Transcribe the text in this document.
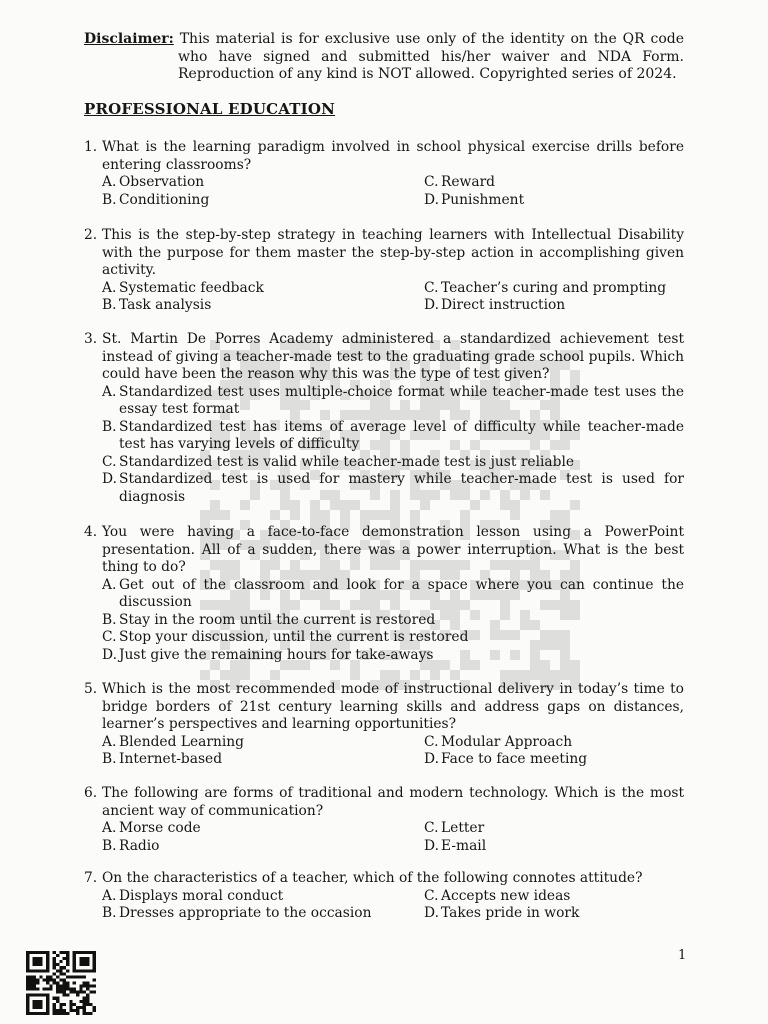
Disclaimer: This material is for exclusive use only of the identity on the QR code who have signed and submitted his/her waiver and NDA Form. Reproduction of any kind is NOT allowed. Copyrighted series of 2024.
PROFESSIONAL EDUCATION
1. What is the learning paradigm involved in school physical exercise drills before entering classrooms?
A. Observation	C. Reward
B. Conditioning	D. Punishment
2. This is the step-by-step strategy in teaching learners with Intellectual Disability with the purpose for them master the step-by-step action in accomplishing given activity.
A. Systematic feedback	C. Teacher’s curing and prompting
B. Task analysis	D. Direct instruction
3. St. Martin De Porres Academy administered a standardized achievement test instead of giving a teacher-made test to the graduating grade school pupils. Which could have been the reason why this was the type of test given?
A. Standardized test uses multiple-choice format while teacher-made test uses the essay test format
B. Standardized test has items of average level of difficulty while teacher-made test has varying levels of difficulty
C. Standardized test is valid while teacher-made test is just reliable
D. Standardized test is used for mastery while teacher-made test is used for diagnosis
4. You were having a face-to-face demonstration lesson using a PowerPoint presentation. All of a sudden, there was a power interruption. What is the best thing to do?
A. Get out of the classroom and look for a space where you can continue the discussion
B. Stay in the room until the current is restored
C. Stop your discussion, until the current is restored
D. Just give the remaining hours for take-aways
5. Which is the most recommended mode of instructional delivery in today’s time to bridge borders of 21st century learning skills and address gaps on distances, learner’s perspectives and learning opportunities?
A. Blended Learning	C. Modular Approach
B. Internet-based	D. Face to face meeting
6. The following are forms of traditional and modern technology. Which is the most ancient way of communication?
A. Morse code	C. Letter
B. Radio	D. E-mail
7. On the characteristics of a teacher, which of the following connotes attitude?
A. Displays moral conduct	C. Accepts new ideas
B. Dresses appropriate to the occasion	D. Takes pride in work
1
